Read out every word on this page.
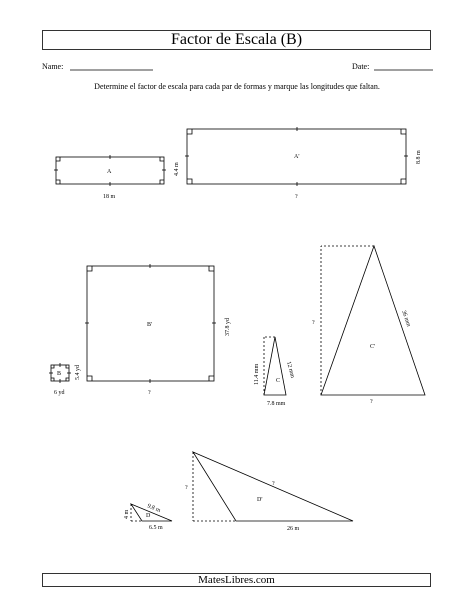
Factor de Escala (B)
Name:	Date:
Determine el factor de escala para cada par de formas y marque las longitudes que faltan.
A
18 m
A'
?
4.4 m
8.8 m
B'
?
37.8 yd
B
6 yd
5.4 yd
C
7.8 mm
11.4 mm	12 mm
C'
?
?	36 mm
D'
26 m
?
?
D
6.5 m
4 m
9.8 m
MatesLibres.com
